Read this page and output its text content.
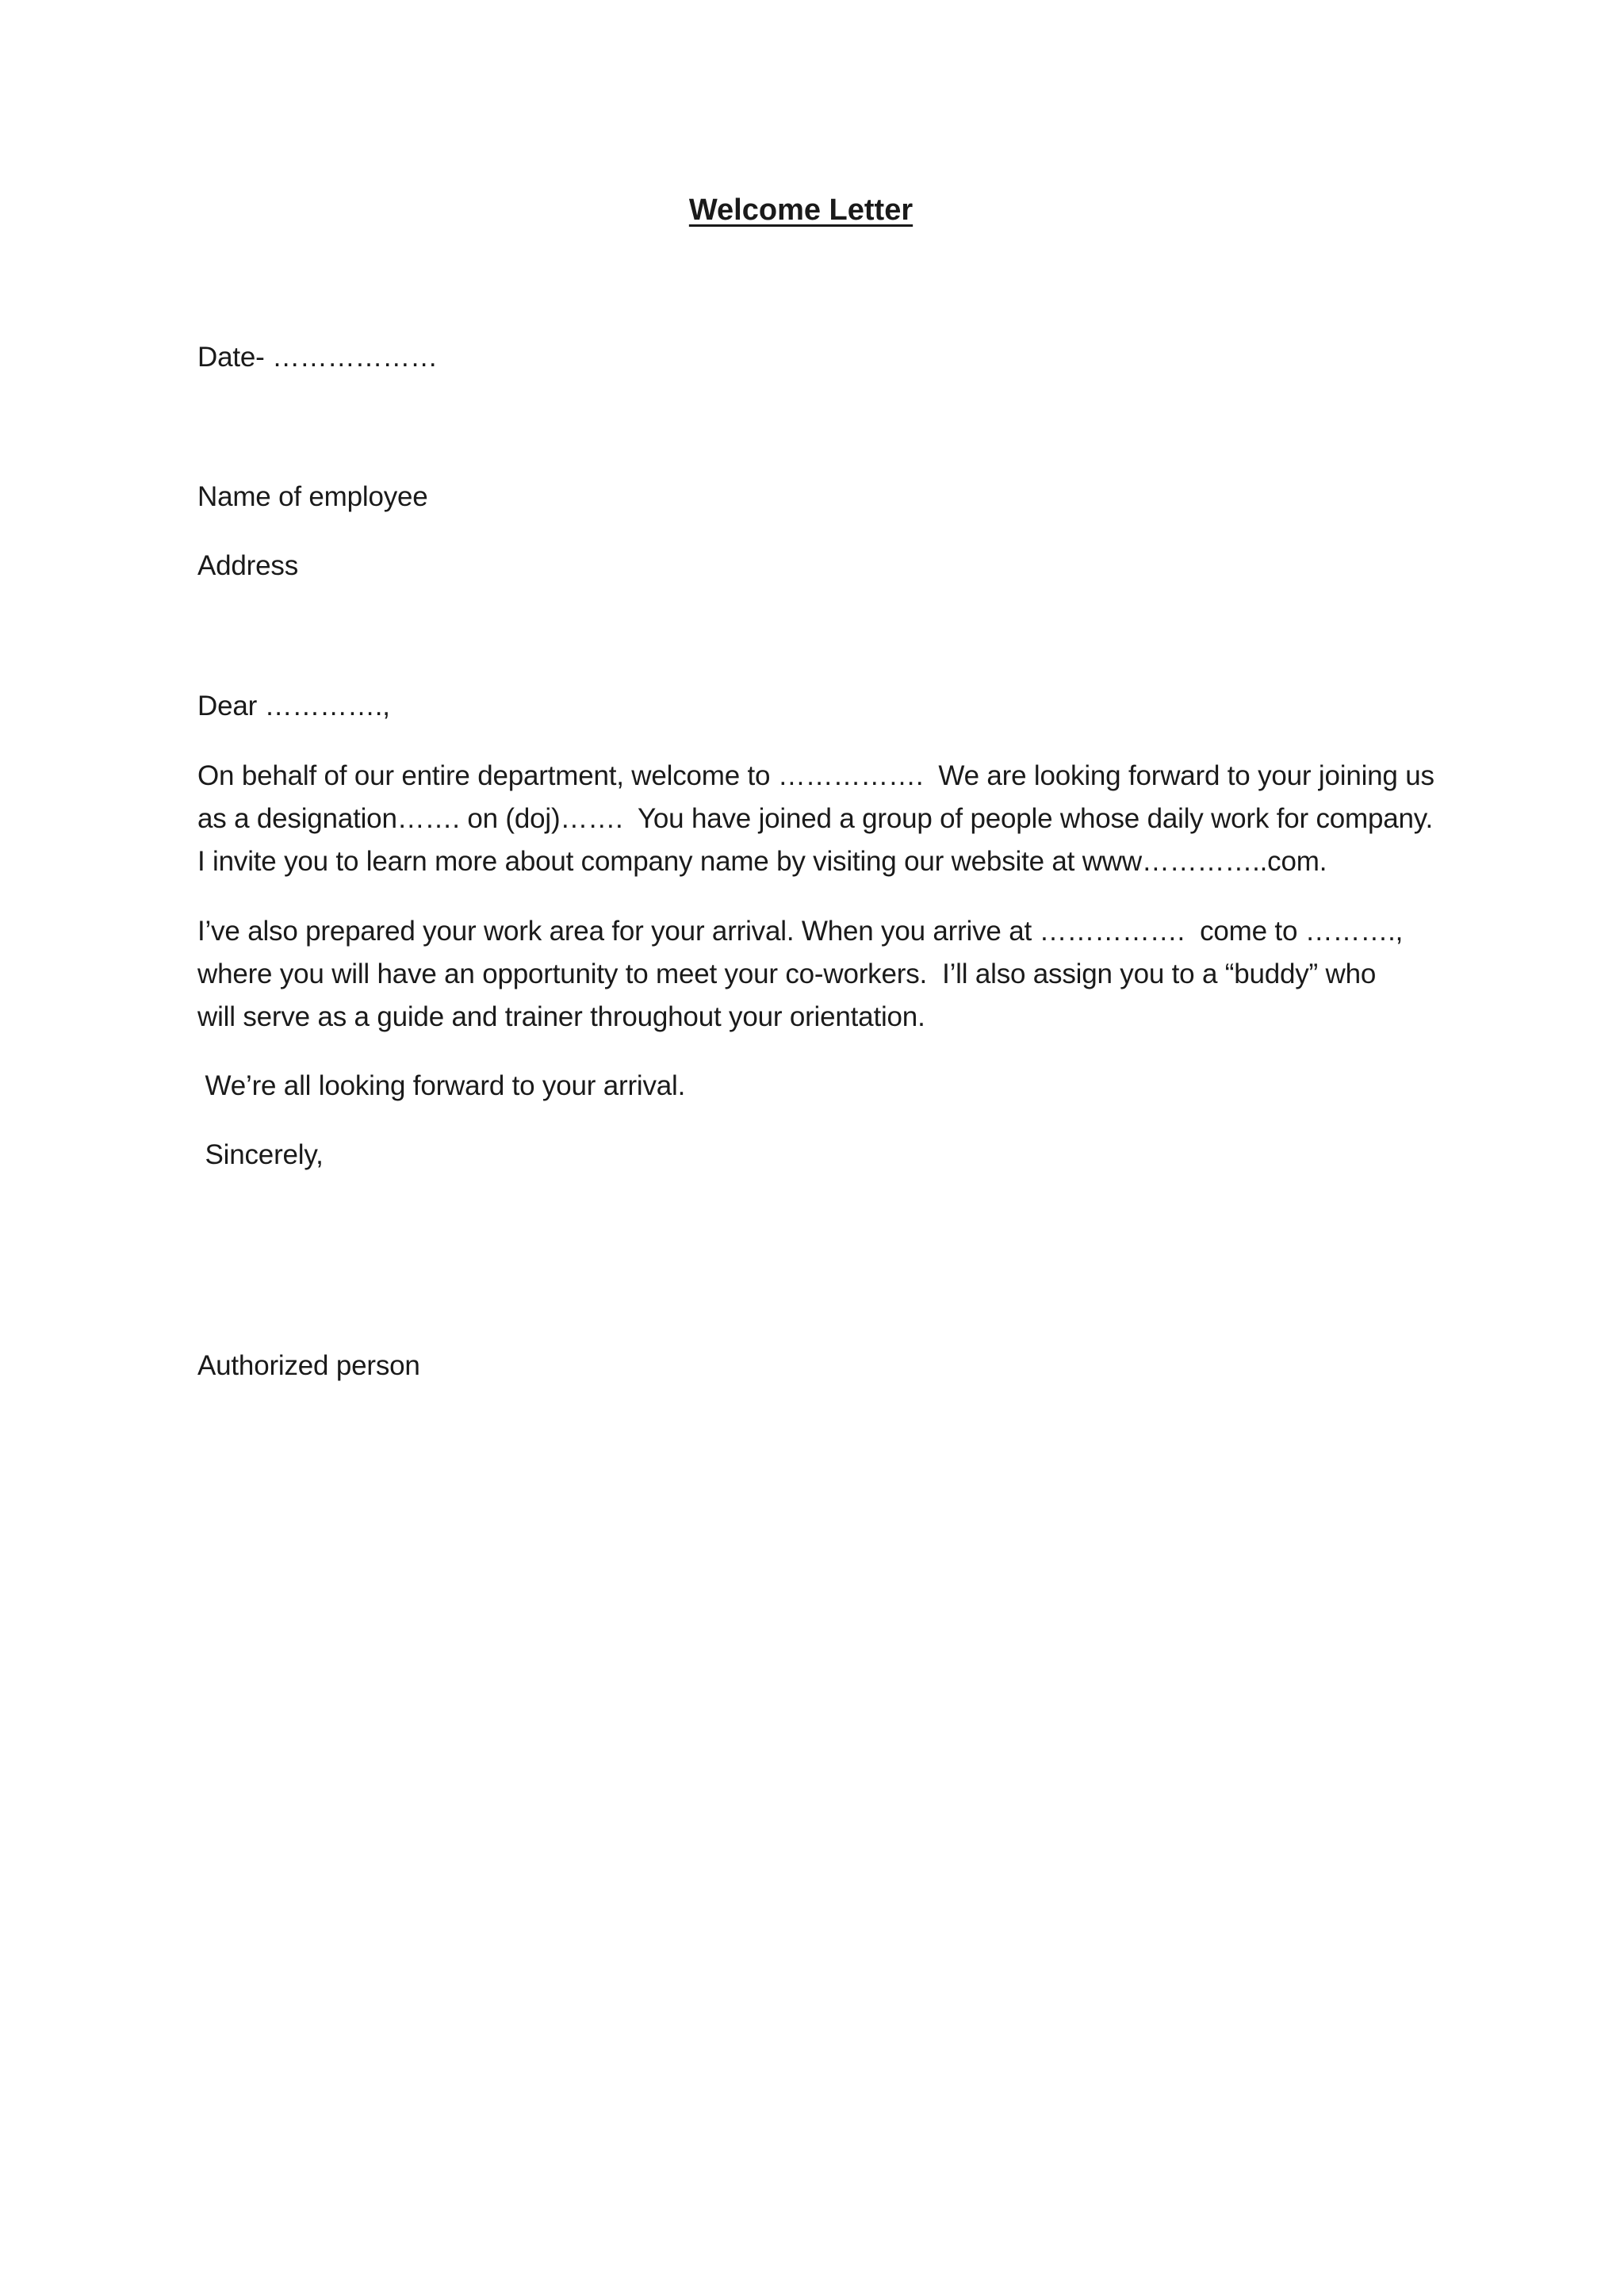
Welcome Letter
Date- ………………
Name of employee
Address
Dear ………….,
On behalf of our entire department, welcome to …………….  We are looking forward to your joining us
as a designation……. on (doj)…….  You have joined a group of people whose daily work for company.
I invite you to learn more about company name by visiting our website at www…………..com.
I’ve also prepared your work area for your arrival. When you arrive at …………….  come to ……….,
where you will have an opportunity to meet your co-workers.  I’ll also assign you to a “buddy” who
will serve as a guide and trainer throughout your orientation.
We’re all looking forward to your arrival.
Sincerely,
Authorized person
